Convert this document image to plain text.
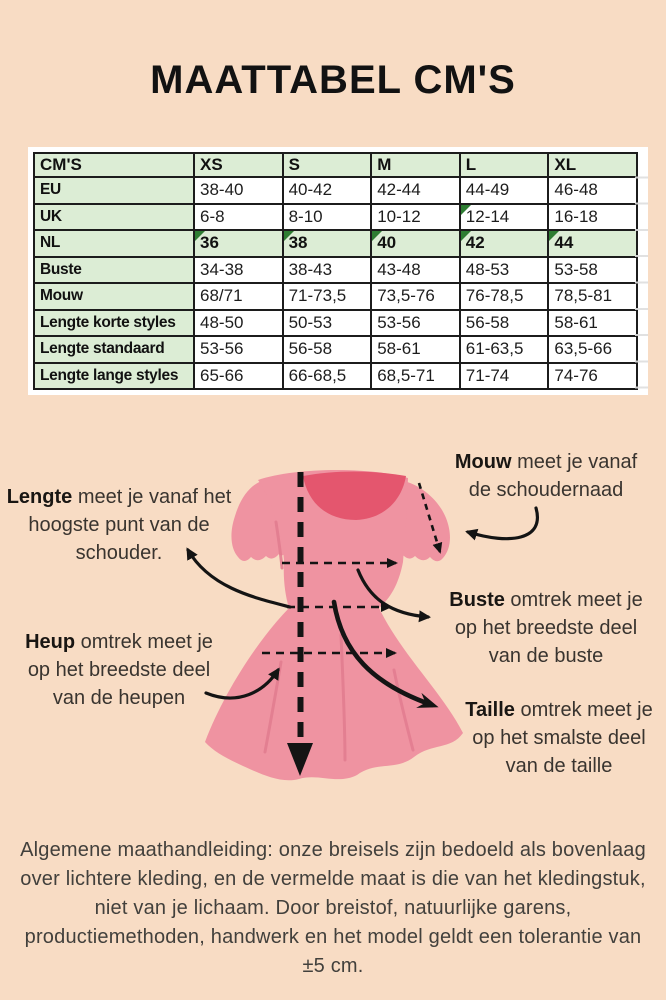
MAATTABEL CM'S
CM'S	XS	S	M	L	XL
EU	38-40	40-42	42-44	44-49	46-48
UK	6-8	8-10	10-12	12-14	16-18
NL	36	38	40	42	44
Buste	34-38	38-43	43-48	48-53	53-58
Mouw	68/71	71-73,5	73,5-76	76-78,5	78,5-81
Lengte korte styles	48-50	50-53	53-56	56-58	58-61
Lengte standaard	53-56	56-58	58-61	61-63,5	63,5-66
Lengte lange styles	65-66	66-68,5	68,5-71	71-74	74-76
Lengte meet je vanaf het
hoogste punt van de
schouder.
Mouw meet je vanaf
de schoudernaad
Buste omtrek meet je
op het breedste deel
van de buste
Heup omtrek meet je
op het breedste deel
van de heupen
Taille omtrek meet je
op het smalste deel
van de taille
Algemene maathandleiding: onze breisels zijn bedoeld als bovenlaag over lichtere kleding, en de vermelde maat is die van het kledingstuk, niet van je lichaam. Door breistof, natuurlijke garens, productiemethoden, handwerk en het model geldt een tolerantie van ±5 cm.
